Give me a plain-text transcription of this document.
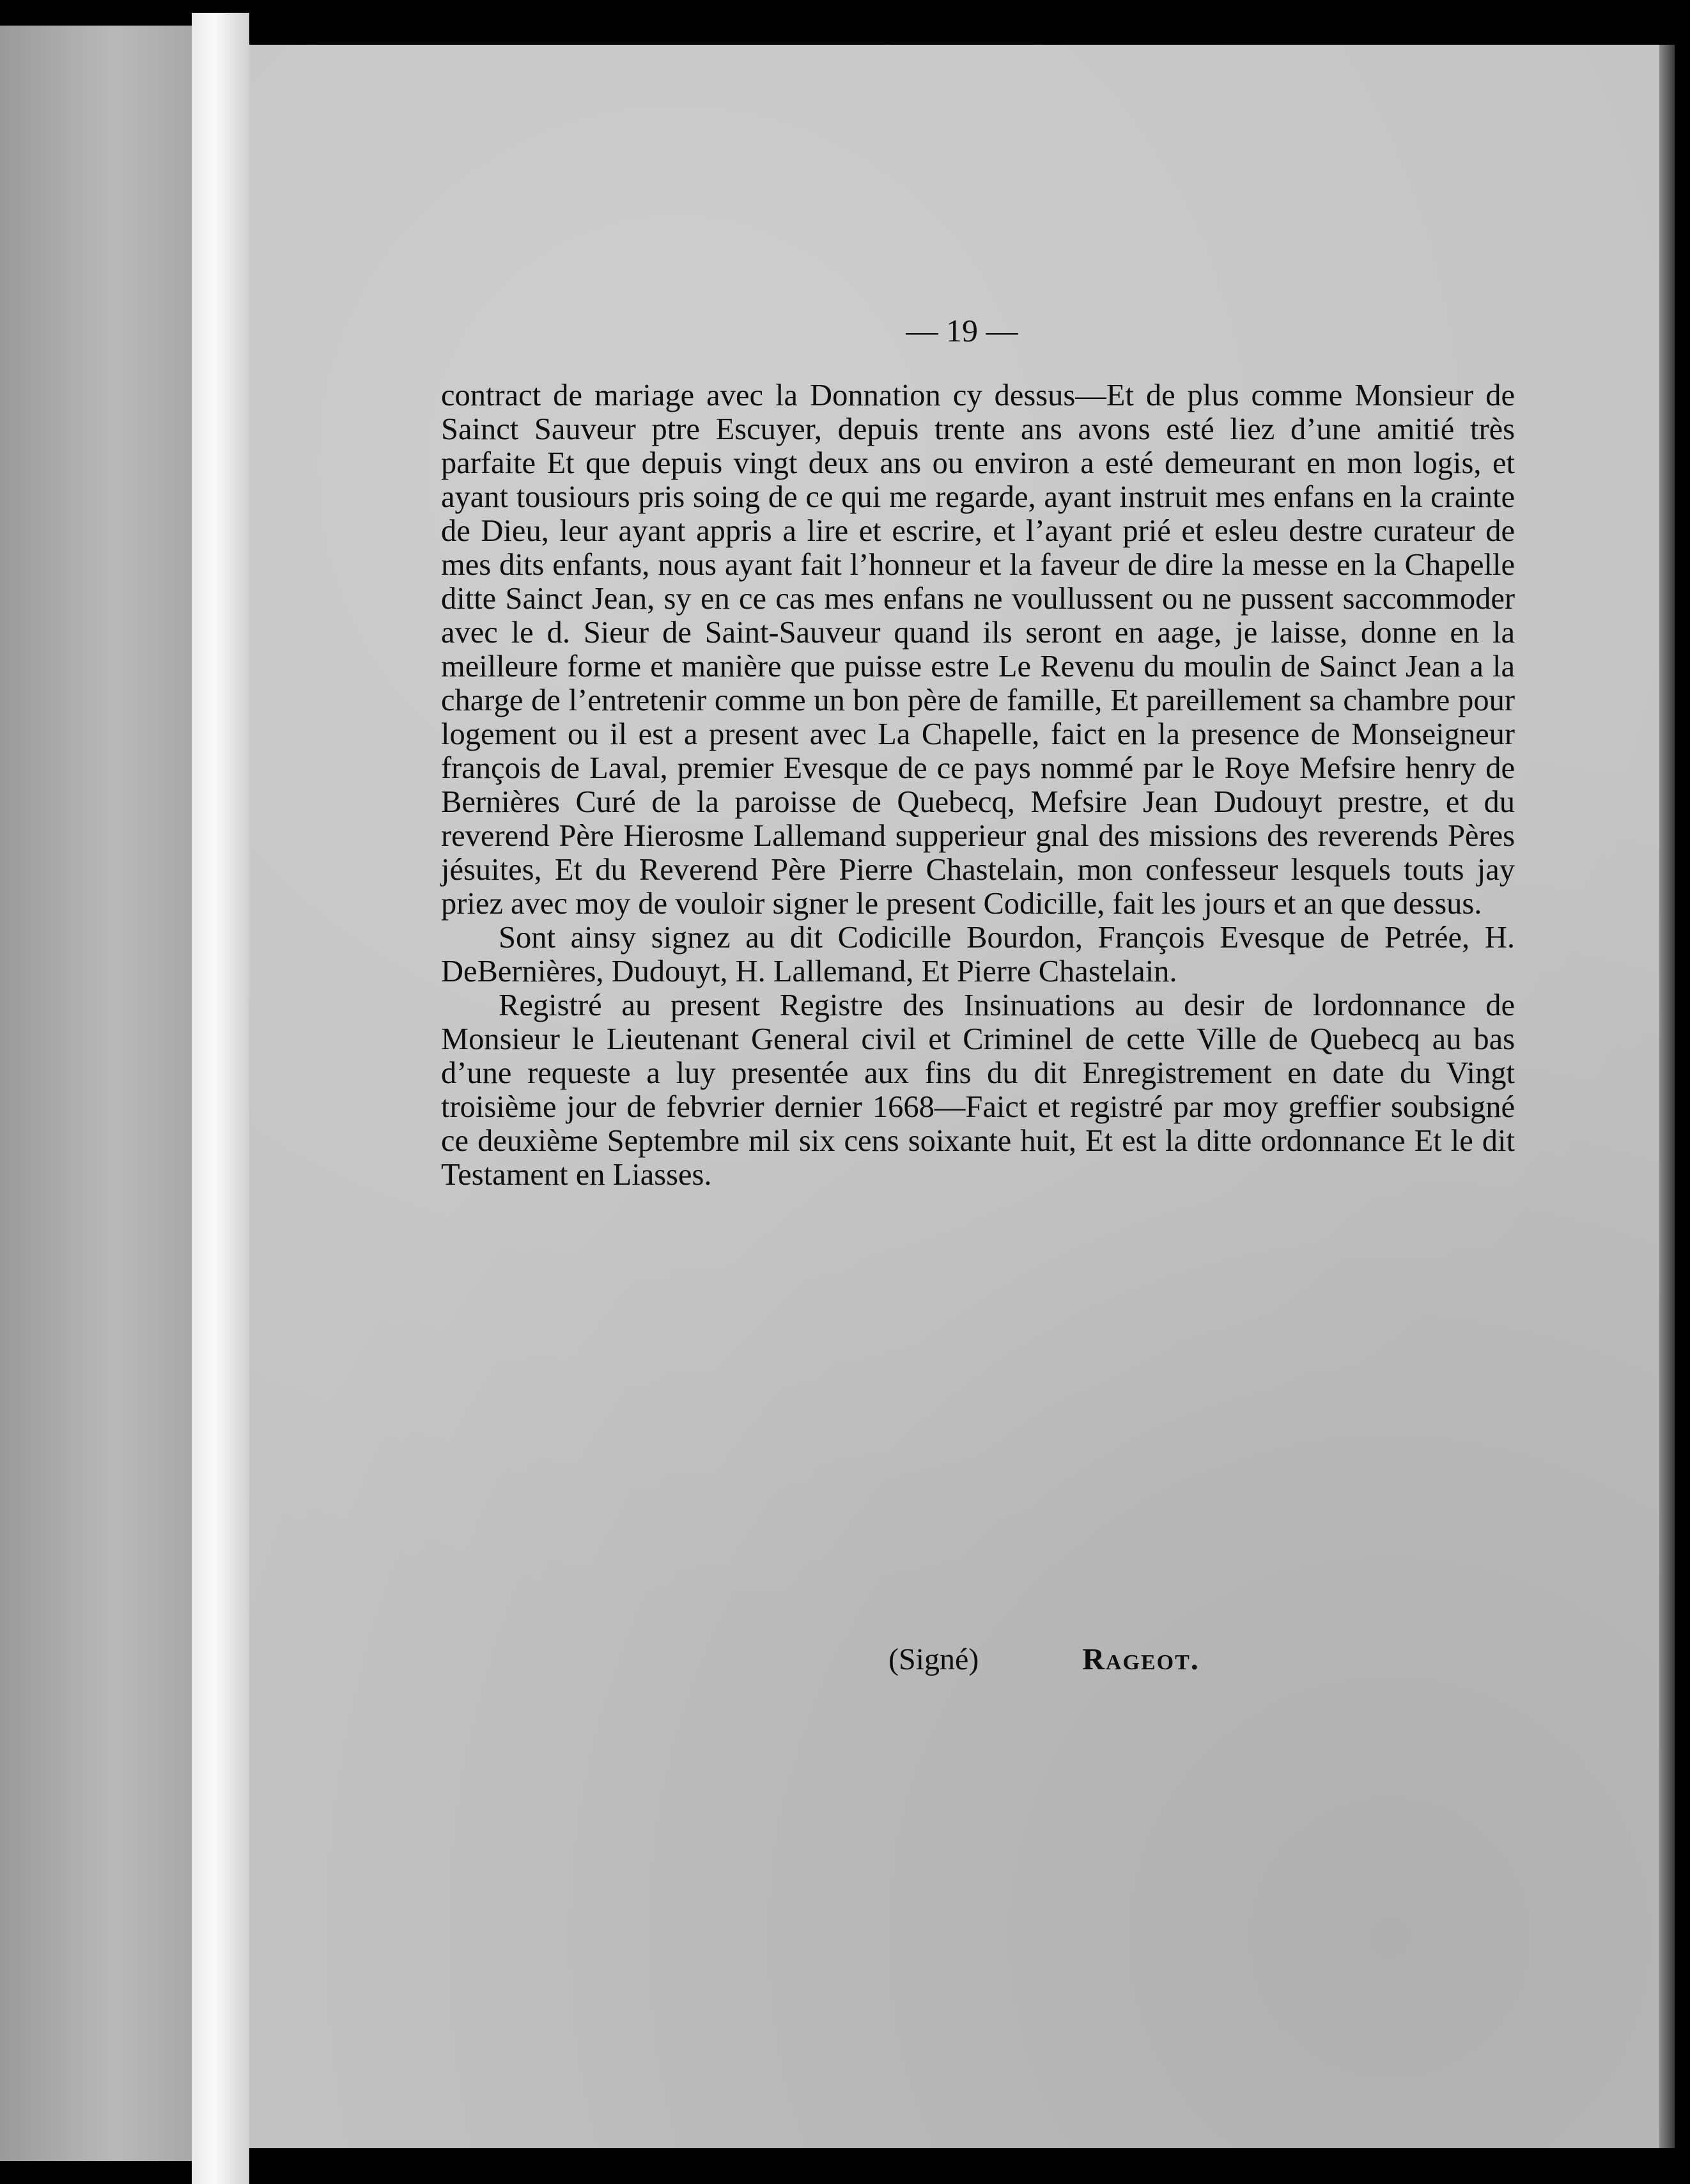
— 19 —

contract de mariage avec la Donnation cy dessus—Et de plus comme Monsieur de Sainct Sauveur ptre Escuyer, depuis trente ans avons esté liez d’une amitié très parfaite Et que depuis vingt deux ans ou environ a esté demeurant en mon logis, et ayant tousiours pris soing de ce qui me regarde, ayant instruit mes enfans en la crainte de Dieu, leur ayant appris a lire et escrire, et l’ayant prié et esleu destre curateur de mes dits enfants, nous ayant fait l’honneur et la faveur de dire la messe en la Chapelle ditte Sainct Jean, sy en ce cas mes enfans ne voullussent ou ne pussent saccommoder avec le d. Sieur de Saint-Sauveur quand ils seront en aage, je laisse, donne en la meilleure forme et manière que puisse estre Le Revenu du moulin de Sainct Jean a la charge de l’entretenir comme un bon père de famille, Et pareillement sa chambre pour logement ou il est a present avec La Chapelle, faict en la presence de Monseigneur françois de Laval, premier Evesque de ce pays nommé par le Roye Mefsire henry de Bernières Curé de la paroisse de Quebecq, Mefsire Jean Dudouyt prestre, et du reverend Père Hierosme Lallemand supperieur gnal des missions des reverends Pères jésuites, Et du Reverend Père Pierre Chastelain, mon confesseur lesquels touts jay priez avec moy de vouloir signer le present Codicille, fait les jours et an que dessus.

Sont ainsy signez au dit Codicille Bourdon, François Evesque de Petrée, H. DeBernières, Dudouyt, H. Lallemand, Et Pierre Chastelain.

Registré au present Registre des Insinuations au desir de lordonnance de Monsieur le Lieutenant General civil et Criminel de cette Ville de Quebecq au bas d’une requeste a luy presentée aux fins du dit Enregistrement en date du Vingt troisième jour de febvrier dernier 1668—Faict et registré par moy greffier soubsigné ce deuxième Septembre mil six cens soixante huit, Et est la ditte ordonnance Et le dit Testament en Liasses.

(Signé)	Rageot.
